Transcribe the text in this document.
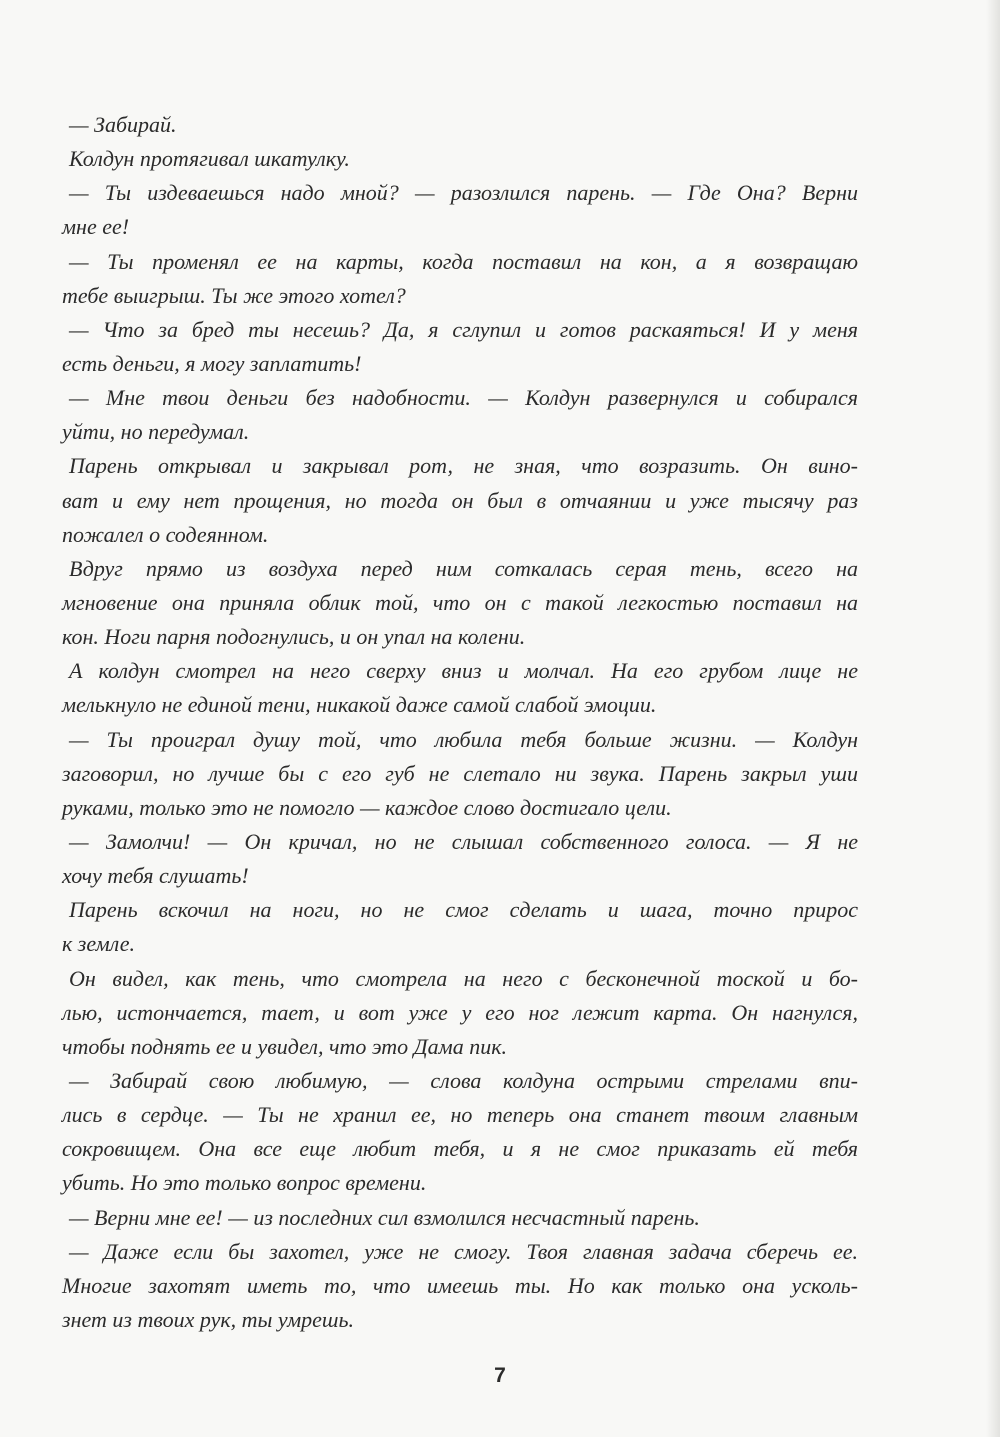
— Забирай.
Колдун протягивал шкатулку.
— Ты издеваешься надо мной? — разозлился парень. — Где Она? Верни
мне ее!
— Ты променял ее на карты, когда поставил на кон, а я возвращаю
тебе выигрыш. Ты же этого хотел?
— Что за бред ты несешь? Да, я сглупил и готов раскаяться! И у меня
есть деньги, я могу заплатить!
— Мне твои деньги без надобности. — Колдун развернулся и собирался
уйти, но передумал.
Парень открывал и закрывал рот, не зная, что возразить. Он вино-
ват и ему нет прощения, но тогда он был в отчаянии и уже тысячу раз
пожалел о содеянном.
Вдруг прямо из воздуха перед ним соткалась серая тень, всего на
мгновение она приняла облик той, что он с такой легкостью поставил на
кон. Ноги парня подогнулись, и он упал на колени.
А колдун смотрел на него сверху вниз и молчал. На его грубом лице не
мелькнуло не единой тени, никакой даже самой слабой эмоции.
— Ты проиграл душу той, что любила тебя больше жизни. — Колдун
заговорил, но лучше бы с его губ не слетало ни звука. Парень закрыл уши
руками, только это не помогло — каждое слово достигало цели.
— Замолчи! — Он кричал, но не слышал собственного голоса. — Я не
хочу тебя слушать!
Парень вскочил на ноги, но не смог сделать и шага, точно прирос
к земле.
Он видел, как тень, что смотрела на него с бесконечной тоской и бо-
лью, истончается, тает, и вот уже у его ног лежит карта. Он нагнулся,
чтобы поднять ее и увидел, что это Дама пик.
— Забирай свою любимую, — слова колдуна острыми стрелами впи-
лись в сердце. — Ты не хранил ее, но теперь она станет твоим главным
сокровищем. Она все еще любит тебя, и я не смог приказать ей тебя
убить. Но это только вопрос времени.
— Верни мне ее! — из последних сил взмолился несчастный парень.
— Даже если бы захотел, уже не смогу. Твоя главная задача сберечь ее.
Многие захотят иметь то, что имеешь ты. Но как только она усколь-
знет из твоих рук, ты умрешь.
7
